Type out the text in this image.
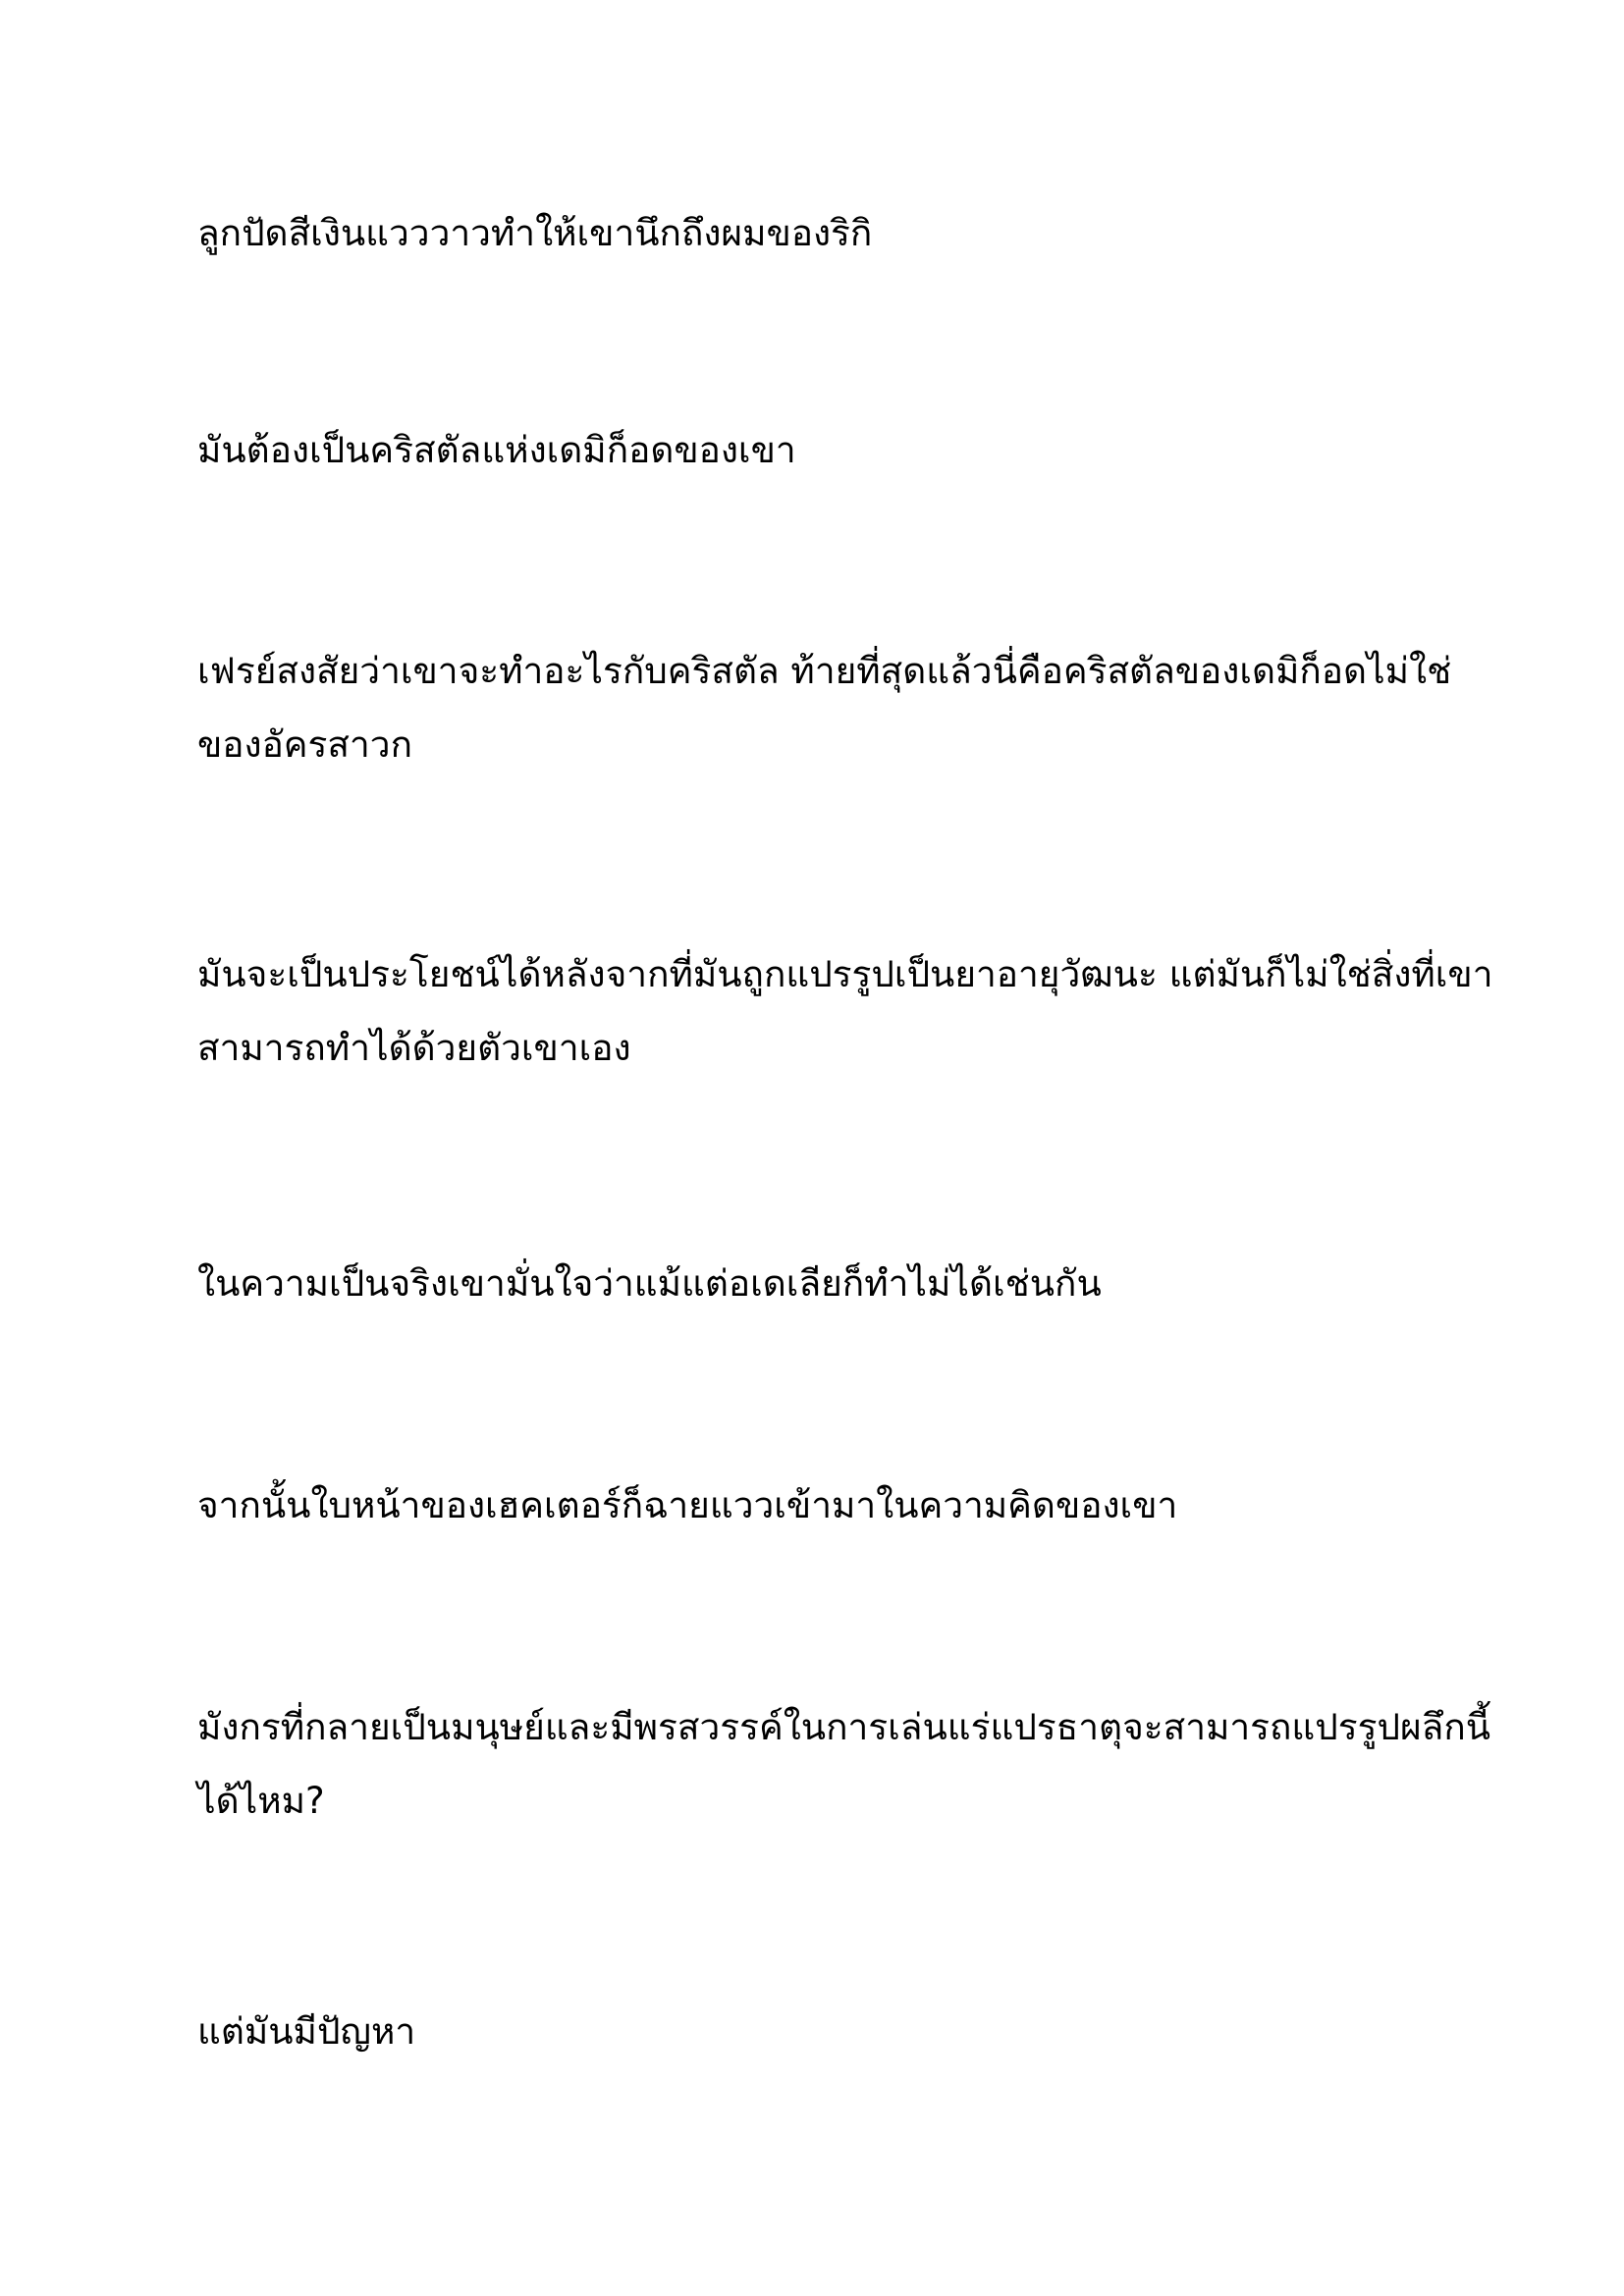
ลูกปัดสีเงินแวววาวทำให้เขานึกถึงผมของริกิ

มันต้องเป็นคริสตัลแห่งเดมิก็อดของเขา

เฟรย์สงสัยว่าเขาจะทำอะไรกับคริสตัล ท้ายที่สุดแล้วนี่คือคริสตัลของเดมิก็อดไม่ใช่
ของอัครสาวก

มันจะเป็นประโยชน์ได้หลังจากที่มันถูกแปรรูปเป็นยาอายุวัฒนะ แต่มันก็ไม่ใช่สิ่งที่เขา
สามารถทำได้ด้วยตัวเขาเอง

ในความเป็นจริงเขามั่นใจว่าแม้แต่อเดเลียก็ทำไม่ได้เช่นกัน

จากนั้นใบหน้าของเฮคเตอร์ก็ฉายแววเข้ามาในความคิดของเขา

มังกรที่กลายเป็นมนุษย์และมีพรสวรรค์ในการเล่นแร่แปรธาตุจะสามารถแปรรูปผลึกนี้
ได้ไหม?

แต่มันมีปัญหา
